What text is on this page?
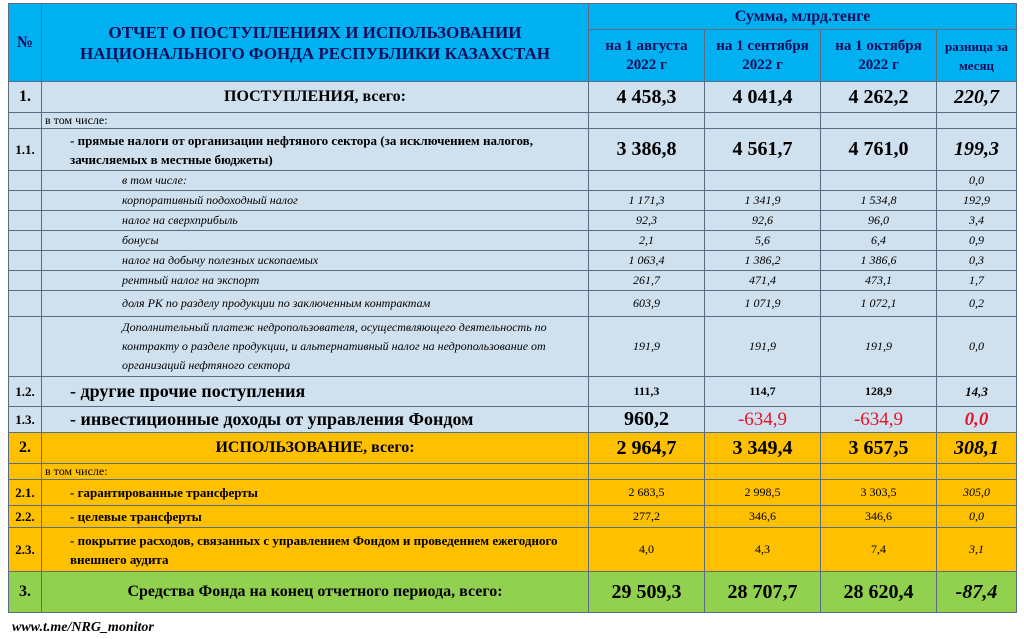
№	ОТЧЕТ О ПОСТУПЛЕНИЯХ И ИСПОЛЬЗОВАНИИ НАЦИОНАЛЬНОГО ФОНДА РЕСПУБЛИКИ КАЗАХСТАН	Сумма, млрд.тенге			
		на 1 августа 2022 г	на 1 сентября 2022 г	на 1 октября 2022 г	разница за месяц
1.	ПОСТУПЛЕНИЯ, всего:	4 458,3	4 041,4	4 262,2	220,7
	в том числе:				
1.1.	- прямые налоги от организации нефтяного сектора (за исключением налогов, зачисляемых в местные бюджеты)	3 386,8	4 561,7	4 761,0	199,3
	в том числе:				0,0
	корпоративный подоходный налог	1 171,3	1 341,9	1 534,8	192,9
	налог на сверхприбыль	92,3	92,6	96,0	3,4
	бонусы	2,1	5,6	6,4	0,9
	налог на добычу полезных ископаемых	1 063,4	1 386,2	1 386,6	0,3
	рентный налог на экспорт	261,7	471,4	473,1	1,7
	доля РК по разделу продукции по заключенным контрактам	603,9	1 071,9	1 072,1	0,2
	Дополнительный платеж недропользователя, осуществляющего деятельность по контракту о разделе продукции, и альтернативный налог на недропользование от организаций нефтяного сектора	191,9	191,9	191,9	0,0
1.2.	- другие прочие поступления	111,3	114,7	128,9	14,3
1.3.	- инвестиционные доходы от управления Фондом	960,2	-634,9	-634,9	0,0
2.	ИСПОЛЬЗОВАНИЕ, всего:	2 964,7	3 349,4	3 657,5	308,1
	в том числе:				
2.1.	- гарантированные трансферты	2 683,5	2 998,5	3 303,5	305,0
2.2.	- целевые трансферты	277,2	346,6	346,6	0,0
2.3.	- покрытие расходов, связанных с управлением Фондом и проведением ежегодного внешнего аудита	4,0	4,3	7,4	3,1
3.	Средства Фонда на конец отчетного периода, всего:	29 509,3	28 707,7	28 620,4	-87,4
www.t.me/NRG_monitor
